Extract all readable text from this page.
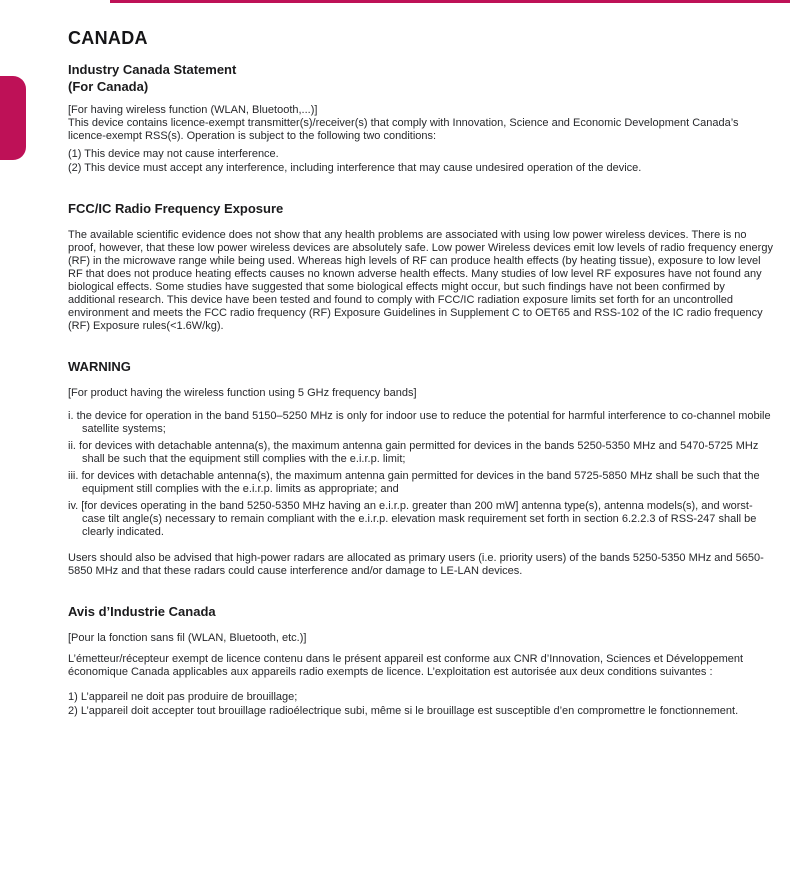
CANADA
Industry Canada Statement
(For Canada)

[For having wireless function (WLAN, Bluetooth,...)]

This device contains licence-exempt transmitter(s)/receiver(s) that comply with Innovation, Science and Economic Development Canada’s licence-exempt RSS(s). Operation is subject to the following two conditions:

(1) This device may not cause interference.

(2) This device must accept any interference, including interference that may cause undesired operation of the device.

FCC/IC Radio Frequency Exposure

The available scientific evidence does not show that any health problems are associated with using low power wireless devices. There is no proof, however, that these low power wireless devices are absolutely safe. Low power Wireless devices emit low levels of radio frequency energy (RF) in the microwave range while being used. Whereas high levels of RF can produce health effects (by heating tissue), exposure to low level RF that does not produce heating effects causes no known adverse health effects. Many studies of low level RF exposures have not found any biological effects. Some studies have suggested that some biological effects might occur, but such findings have not been confirmed by additional research. This device have been tested and found to comply with FCC/IC radiation exposure limits set forth for an uncontrolled environment and meets the FCC radio frequency (RF) Exposure Guidelines in Supplement C to OET65 and RSS-102 of the IC radio frequency (RF) Exposure rules(<1.6W/kg).

WARNING

[For product having the wireless function using 5 GHz frequency bands]

i. the device for operation in the band 5150–5250 MHz is only for indoor use to reduce the potential for harmful interference to co-channel mobile satellite systems;

ii. for devices with detachable antenna(s), the maximum antenna gain permitted for devices in the bands 5250-5350 MHz and 5470-5725 MHz shall be such that the equipment still complies with the e.i.r.p. limit;

iii. for devices with detachable antenna(s), the maximum antenna gain permitted for devices in the band 5725-5850 MHz shall be such that the equipment still complies with the e.i.r.p. limits as appropriate; and

iv. [for devices operating in the band 5250-5350 MHz having an e.i.r.p. greater than 200 mW] antenna type(s), antenna models(s), and worst-case tilt angle(s) necessary to remain compliant with the e.i.r.p. elevation mask requirement set forth in section 6.2.2.3 of RSS-247 shall be clearly indicated.

Users should also be advised that high-power radars are allocated as primary users (i.e. priority users) of the bands 5250-5350 MHz and 5650-5850 MHz and that these radars could cause interference and/or damage to LE-LAN devices.

Avis d’Industrie Canada

[Pour la fonction sans fil (WLAN, Bluetooth, etc.)]

L’émetteur/récepteur exempt de licence contenu dans le présent appareil est conforme aux CNR d’Innovation, Sciences et Développement économique Canada applicables aux appareils radio exempts de licence. L’exploitation est autorisée aux deux conditions suivantes :

1) L’appareil ne doit pas produire de brouillage;

2) L’appareil doit accepter tout brouillage radioélectrique subi, même si le brouillage est susceptible d’en compromettre le fonctionnement.
